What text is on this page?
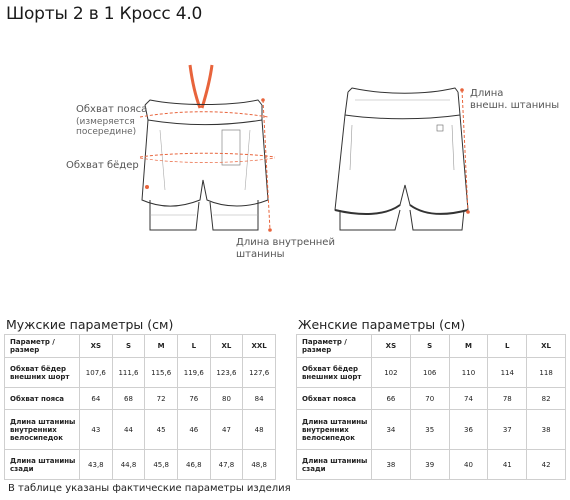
Шорты 2 в 1 Кросс 4.0
Обхват пояса
(измеряется
посередине)
Обхват бёдер
Длина внутренней
штанины
Длина
внешн. штанины
Мужские параметры (см)
Параметр / размер	XS	S	M	L	XL	XXL
Обхват бёдер
внешних шорт	107,6	111,6	115,6	119,6	123,6	127,6
Обхват пояса	64	68	72	76	80	84
Длина штанины
внутренних
велосипедок	43	44	45	46	47	48
Длина штанины
сзади	43,8	44,8	45,8	46,8	47,8	48,8
Женские параметры (см)
Параметр / размер	XS	S	M	L	XL
Обхват бёдер
внешних шорт	102	106	110	114	118
Обхват пояса	66	70	74	78	82
Длина штанины
внутренних
велосипедок	34	35	36	37	38
Длина штанины
сзади	38	39	40	41	42
В таблице указаны фактические параметры изделия
